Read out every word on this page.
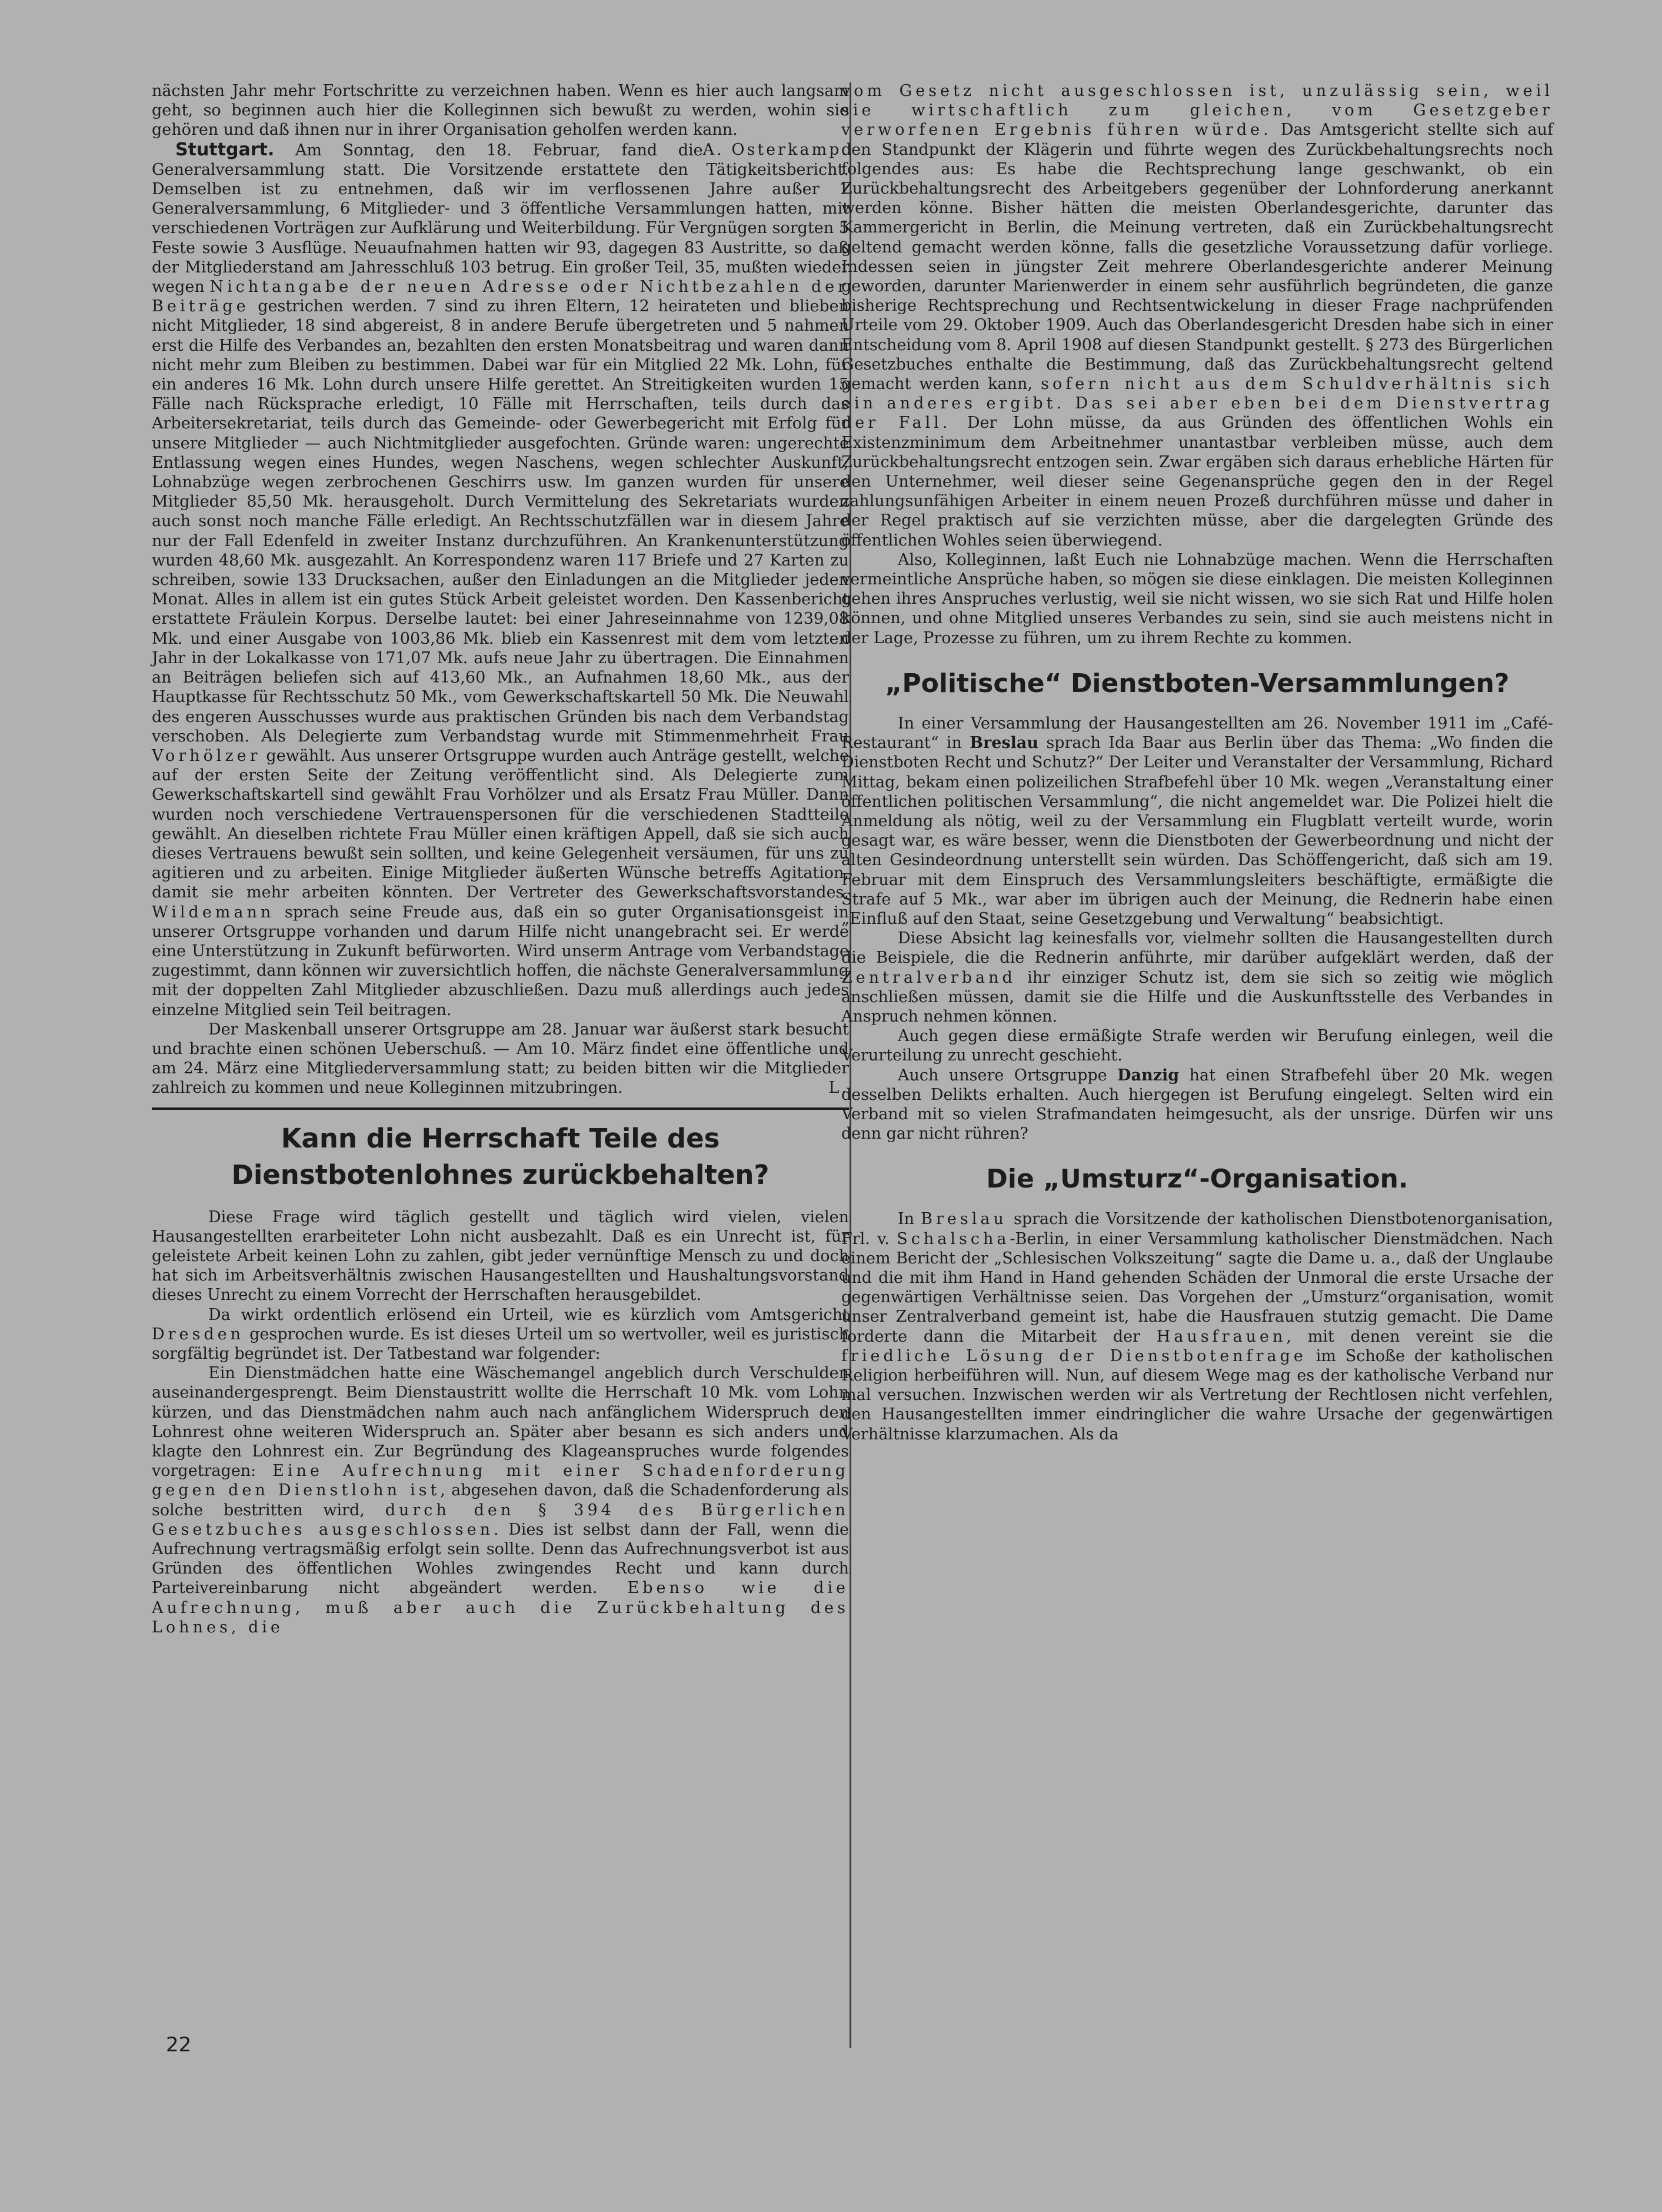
nächsten Jahr mehr Fortschritte zu verzeichnen haben. Wenn es hier auch langsam geht, so beginnen auch hier die Kolleginnen sich bewußt zu werden, wohin sie gehören und daß ihnen nur in ihrer Organisation geholfen werden kann.
A. Osterkamp.

Stuttgart. Am Sonntag, den 18. Februar, fand die Generalversammlung statt. Die Vorsitzende erstattete den Tätigkeitsbericht. Demselben ist zu entnehmen, daß wir im verflossenen Jahre außer 1 Generalversammlung, 6 Mitglieder- und 3 öffentliche Versammlungen hatten, mit verschiedenen Vorträgen zur Aufklärung und Weiterbildung. Für Vergnügen sorgten 5 Feste sowie 3 Ausflüge. Neuaufnahmen hatten wir 93, dagegen 83 Austritte, so daß der Mitgliederstand am Jahresschluß 103 betrug. Ein großer Teil, 35, mußten wieder wegen Nichtangabe der neuen Adresse oder Nichtbezahlen der Beiträge gestrichen werden. 7 sind zu ihren Eltern, 12 heirateten und blieben nicht Mitglieder, 18 sind abgereist, 8 in andere Berufe übergetreten und 5 nahmen erst die Hilfe des Verbandes an, bezahlten den ersten Monatsbeitrag und waren dann nicht mehr zum Bleiben zu bestimmen. Dabei war für ein Mitglied 22 Mk. Lohn, für ein anderes 16 Mk. Lohn durch unsere Hilfe gerettet. An Streitigkeiten wurden 15 Fälle nach Rücksprache erledigt, 10 Fälle mit Herrschaften, teils durch das Arbeitersekretariat, teils durch das Gemeinde- oder Gewerbegericht mit Erfolg für unsere Mitglieder — auch Nichtmitglieder ausgefochten. Gründe waren: ungerechte Entlassung wegen eines Hundes, wegen Naschens, wegen schlechter Auskunft; Lohnabzüge wegen zerbrochenen Geschirrs usw. Im ganzen wurden für unsere Mitglieder 85,50 Mk. herausgeholt. Durch Vermittelung des Sekretariats wurden auch sonst noch manche Fälle erledigt. An Rechtsschutzfällen war in diesem Jahre nur der Fall Edenfeld in zweiter Instanz durchzuführen. An Krankenunterstützung wurden 48,60 Mk. ausgezahlt. An Korrespondenz waren 117 Briefe und 27 Karten zu schreiben, sowie 133 Drucksachen, außer den Einladungen an die Mitglieder jeden Monat. Alles in allem ist ein gutes Stück Arbeit geleistet worden. Den Kassenbericht erstattete Fräulein Korpus. Derselbe lautet: bei einer Jahreseinnahme von 1239,08 Mk. und einer Ausgabe von 1003,86 Mk. blieb ein Kassenrest mit dem vom letzten Jahr in der Lokalkasse von 171,07 Mk. aufs neue Jahr zu übertragen. Die Einnahmen an Beiträgen beliefen sich auf 413,60 Mk., an Aufnahmen 18,60 Mk., aus der Hauptkasse für Rechtsschutz 50 Mk., vom Gewerkschaftskartell 50 Mk. Die Neuwahl des engeren Ausschusses wurde aus praktischen Gründen bis nach dem Verbandstag verschoben. Als Delegierte zum Verbandstag wurde mit Stimmenmehrheit Frau Vorhölzer gewählt. Aus unserer Ortsgruppe wurden auch Anträge gestellt, welche auf der ersten Seite der Zeitung veröffentlicht sind. Als Delegierte zum Gewerkschaftskartell sind gewählt Frau Vorhölzer und als Ersatz Frau Müller. Dann wurden noch verschiedene Vertrauenspersonen für die verschiedenen Stadtteile gewählt. An dieselben richtete Frau Müller einen kräftigen Appell, daß sie sich auch dieses Vertrauens bewußt sein sollten, und keine Gelegenheit versäumen, für uns zu agitieren und zu arbeiten. Einige Mitglieder äußerten Wünsche betreffs Agitation, damit sie mehr arbeiten könnten. Der Vertreter des Gewerkschaftsvorstandes, Wildemann sprach seine Freude aus, daß ein so guter Organisationsgeist in unserer Ortsgruppe vorhanden und darum Hilfe nicht unangebracht sei. Er werde eine Unterstützung in Zukunft befürworten. Wird unserm Antrage vom Verbandstage zugestimmt, dann können wir zuversichtlich hoffen, die nächste Generalversammlung mit der doppelten Zahl Mitglieder abzuschließen. Dazu muß allerdings auch jedes einzelne Mitglied sein Teil beitragen.

Der Maskenball unserer Ortsgruppe am 28. Januar war äußerst stark besucht und brachte einen schönen Ueberschuß. — Am 10. März findet eine öffentliche und am 24. März eine Mitgliederversammlung statt; zu beiden bitten wir die Mitglieder zahlreich zu kommen und neue Kolleginnen mitzubringen.	L.

Kann die Herrschaft Teile des Dienstbotenlohnes zurückbehalten?

Diese Frage wird täglich gestellt und täglich wird vielen, vielen Hausangestellten erarbeiteter Lohn nicht ausbezahlt. Daß es ein Unrecht ist, für geleistete Arbeit keinen Lohn zu zahlen, gibt jeder vernünftige Mensch zu und doch hat sich im Arbeitsverhältnis zwischen Hausangestellten und Haushaltungsvorstand dieses Unrecht zu einem Vorrecht der Herrschaften herausgebildet.

Da wirkt ordentlich erlösend ein Urteil, wie es kürzlich vom Amtsgericht Dresden gesprochen wurde. Es ist dieses Urteil um so wertvoller, weil es juristisch sorgfältig begründet ist. Der Tatbestand war folgender:

Ein Dienstmädchen hatte eine Wäschemangel angeblich durch Verschulden auseinandergesprengt. Beim Dienstaustritt wollte die Herrschaft 10 Mk. vom Lohn kürzen, und das Dienstmädchen nahm auch nach anfänglichem Widerspruch den Lohnrest ohne weiteren Widerspruch an. Später aber besann es sich anders und klagte den Lohnrest ein. Zur Begründung des Klageanspruches wurde folgendes vorgetragen: Eine Aufrechnung mit einer Schadenforderung gegen den Dienstlohn ist, abgesehen davon, daß die Schadenforderung als solche bestritten wird, durch den § 394 des Bürgerlichen Gesetzbuches ausgeschlossen. Dies ist selbst dann der Fall, wenn die Aufrechnung vertragsmäßig erfolgt sein sollte. Denn das Aufrechnungsverbot ist aus Gründen des öffentlichen Wohles zwingendes Recht und kann durch Parteivereinbarung nicht abgeändert werden. Ebenso wie die Aufrechnung, muß aber auch die Zurückbehaltung des Lohnes, die

vom Gesetz nicht ausgeschlossen ist, unzulässig sein, weil sie wirtschaftlich zum gleichen, vom Gesetzgeber verworfenen Ergebnis führen würde. Das Amtsgericht stellte sich auf den Standpunkt der Klägerin und führte wegen des Zurückbehaltungsrechts noch folgendes aus: Es habe die Rechtsprechung lange geschwankt, ob ein Zurückbehaltungsrecht des Arbeitgebers gegenüber der Lohnforderung anerkannt werden könne. Bisher hätten die meisten Oberlandesgerichte, darunter das Kammergericht in Berlin, die Meinung vertreten, daß ein Zurückbehaltungsrecht geltend gemacht werden könne, falls die gesetzliche Voraussetzung dafür vorliege. Indessen seien in jüngster Zeit mehrere Oberlandesgerichte anderer Meinung geworden, darunter Marienwerder in einem sehr ausführlich begründeten, die ganze bisherige Rechtsprechung und Rechtsentwickelung in dieser Frage nachprüfenden Urteile vom 29. Oktober 1909. Auch das Oberlandesgericht Dresden habe sich in einer Entscheidung vom 8. April 1908 auf diesen Standpunkt gestellt. § 273 des Bürgerlichen Gesetzbuches enthalte die Bestimmung, daß das Zurückbehaltungsrecht geltend gemacht werden kann, sofern nicht aus dem Schuldverhältnis sich ein anderes ergibt. Das sei aber eben bei dem Dienstvertrag der Fall. Der Lohn müsse, da aus Gründen des öffentlichen Wohls ein Existenzminimum dem Arbeitnehmer unantastbar verbleiben müsse, auch dem Zurückbehaltungsrecht entzogen sein. Zwar ergäben sich daraus erhebliche Härten für den Unternehmer, weil dieser seine Gegenansprüche gegen den in der Regel zahlungsunfähigen Arbeiter in einem neuen Prozeß durchführen müsse und daher in der Regel praktisch auf sie verzichten müsse, aber die dargelegten Gründe des öffentlichen Wohles seien überwiegend.

Also, Kolleginnen, laßt Euch nie Lohnabzüge machen. Wenn die Herrschaften vermeintliche Ansprüche haben, so mögen sie diese einklagen. Die meisten Kolleginnen gehen ihres Anspruches verlustig, weil sie nicht wissen, wo sie sich Rat und Hilfe holen können, und ohne Mitglied unseres Verbandes zu sein, sind sie auch meistens nicht in der Lage, Prozesse zu führen, um zu ihrem Rechte zu kommen.

„Politische“ Dienstboten-Versammlungen?

In einer Versammlung der Hausangestellten am 26. November 1911 im „Café-Restaurant“ in Breslau sprach Ida Baar aus Berlin über das Thema: „Wo finden die Dienstboten Recht und Schutz?“ Der Leiter und Veranstalter der Versammlung, Richard Mittag, bekam einen polizeilichen Strafbefehl über 10 Mk. wegen „Veranstaltung einer öffentlichen politischen Versammlung“, die nicht angemeldet war. Die Polizei hielt die Anmeldung als nötig, weil zu der Versammlung ein Flugblatt verteilt wurde, worin gesagt war, es wäre besser, wenn die Dienstboten der Gewerbeordnung und nicht der alten Gesindeordnung unterstellt sein würden. Das Schöffengericht, daß sich am 19. Februar mit dem Einspruch des Versammlungsleiters beschäftigte, ermäßigte die Strafe auf 5 Mk., war aber im übrigen auch der Meinung, die Rednerin habe einen „Einfluß auf den Staat, seine Gesetzgebung und Verwaltung“ beabsichtigt.

Diese Absicht lag keinesfalls vor, vielmehr sollten die Hausangestellten durch die Beispiele, die die Rednerin anführte, mir darüber aufgeklärt werden, daß der Zentralverband ihr einziger Schutz ist, dem sie sich so zeitig wie möglich anschließen müssen, damit sie die Hilfe und die Auskunftsstelle des Verbandes in Anspruch nehmen können.

Auch gegen diese ermäßigte Strafe werden wir Berufung einlegen, weil die Verurteilung zu unrecht geschieht.

Auch unsere Ortsgruppe Danzig hat einen Strafbefehl über 20 Mk. wegen desselben Delikts erhalten. Auch hiergegen ist Berufung eingelegt. Selten wird ein Verband mit so vielen Strafmandaten heimgesucht, als der unsrige. Dürfen wir uns denn gar nicht rühren?

Die „Umsturz“-Organisation.

In Breslau sprach die Vorsitzende der katholischen Dienstbotenorganisation, Frl. v. Schalscha-Berlin, in einer Versammlung katholischer Dienstmädchen. Nach einem Bericht der „Schlesischen Volkszeitung“ sagte die Dame u. a., daß der Unglaube und die mit ihm Hand in Hand gehenden Schäden der Unmoral die erste Ursache der gegenwärtigen Verhältnisse seien. Das Vorgehen der „Umsturz“organisation, womit unser Zentralverband gemeint ist, habe die Hausfrauen stutzig gemacht. Die Dame forderte dann die Mitarbeit der Hausfrauen, mit denen vereint sie die friedliche Lösung der Dienstbotenfrage im Schoße der katholischen Religion herbeiführen will. Nun, auf diesem Wege mag es der katholische Verband nur mal versuchen. Inzwischen werden wir als Vertretung der Rechtlosen nicht verfehlen, den Hausangestellten immer eindringlicher die wahre Ursache der gegenwärtigen Verhältnisse klarzumachen. Als da

22
